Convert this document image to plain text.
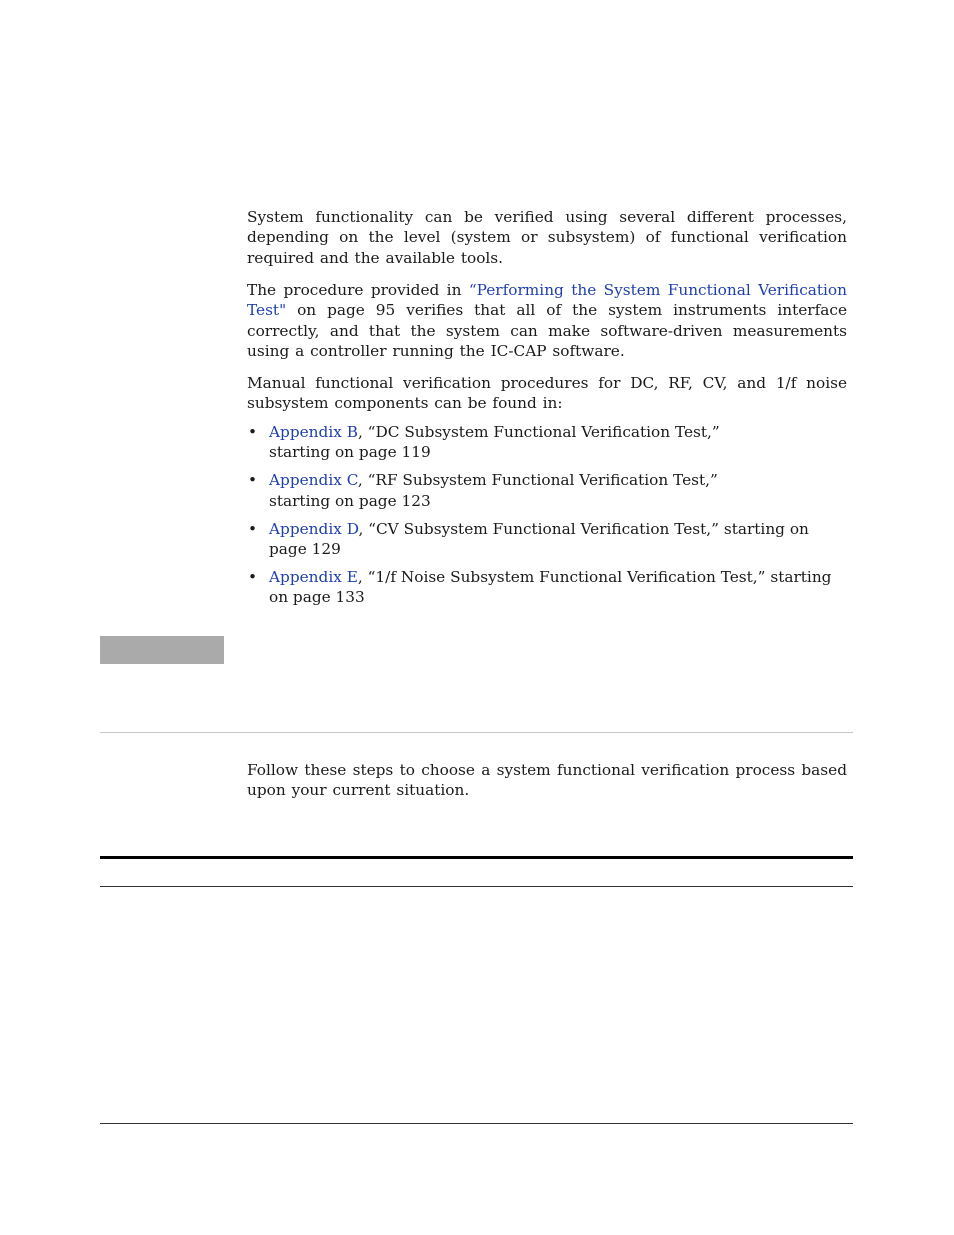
System functionality can be verified using several different processes, depending on the level (system or subsystem) of functional verification required and the available tools.

The procedure provided in “Performing the System Functional Verification Test" on page 95 verifies that all of the system instruments interface correctly, and that the system can make software-driven measurements using a controller running the IC-CAP software.

Manual functional verification procedures for DC, RF, CV, and 1/f noise subsystem components can be found in:

• Appendix B, “DC Subsystem Functional Verification Test,” starting on page 119
• Appendix C, “RF Subsystem Functional Verification Test,” starting on page 123
• Appendix D, “CV Subsystem Functional Verification Test,” starting on page 129
• Appendix E, “1/f Noise Subsystem Functional Verification Test,” starting on page 133

Follow these steps to choose a system functional verification process based upon your current situation.
